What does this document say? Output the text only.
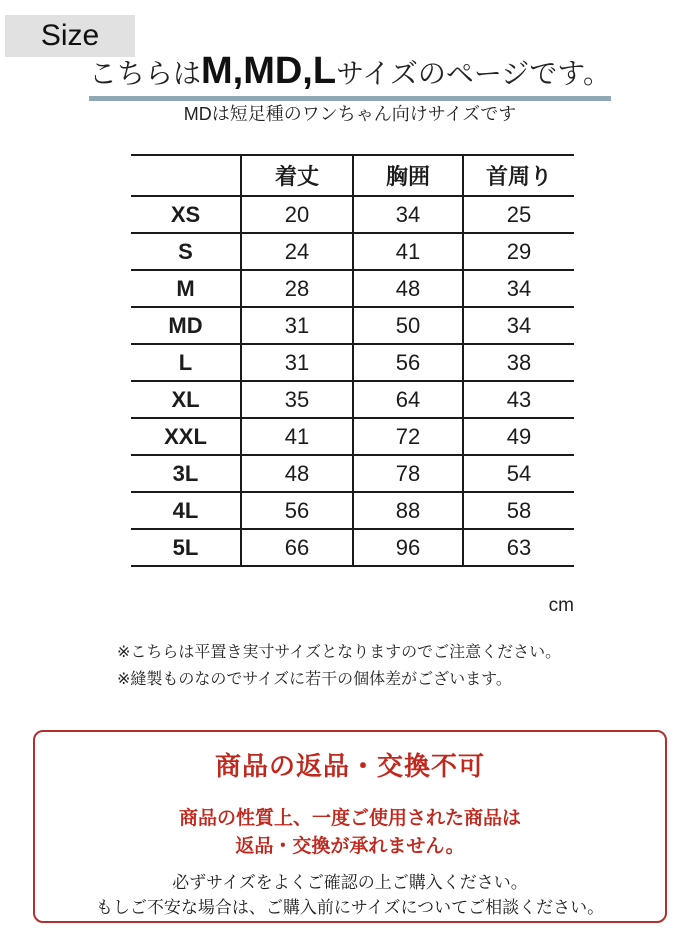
Size
こちらはM,MD,Lサイズのページです。
MDは短足種のワンちゃん向けサイズです
	着丈	胸囲	首周り
XS	20	34	25
S	24	41	29
M	28	48	34
MD	31	50	34
L	31	56	38
XL	35	64	43
XXL	41	72	49
3L	48	78	54
4L	56	88	58
5L	66	96	63
cm
※こちらは平置き実寸サイズとなりますのでご注意ください。
※縫製ものなのでサイズに若干の個体差がございます。
商品の返品・交換不可
商品の性質上、一度ご使用された商品は
返品・交換が承れません。
必ずサイズをよくご確認の上ご購入ください。
もしご不安な場合は、ご購入前にサイズについてご相談ください。
